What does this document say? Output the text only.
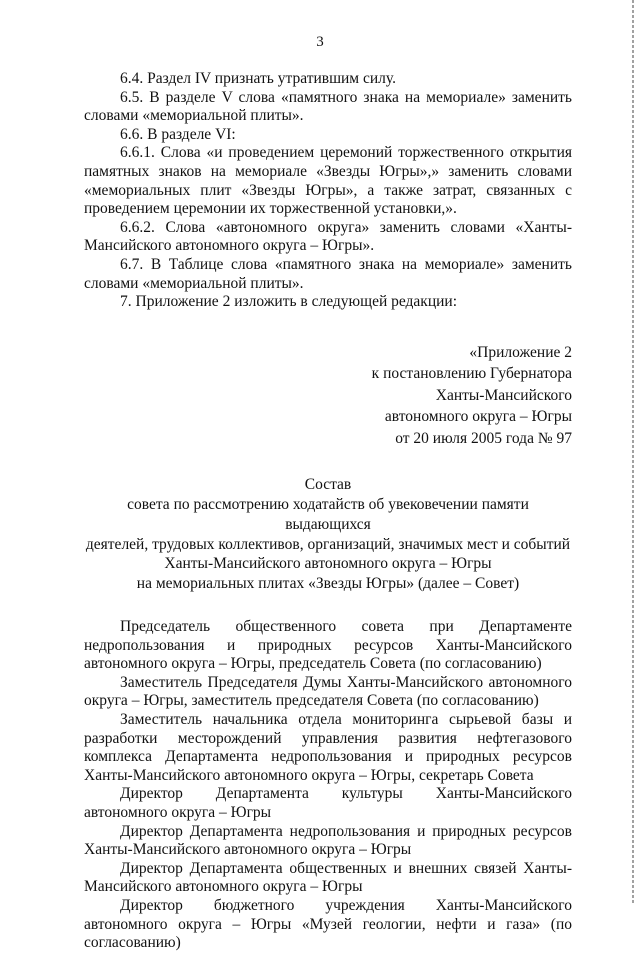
3

6.4. Раздел IV признать утратившим силу.

6.5. В разделе V слова «памятного знака на мемориале» заменить словами «мемориальной плиты».

6.6. В разделе VI:

6.6.1. Слова «и проведением церемоний торжественного открытия памятных знаков на мемориале «Звезды Югры»,» заменить словами «мемориальных плит «Звезды Югры», а также затрат, связанных с проведением церемонии их торжественной установки,».

6.6.2. Слова «автономного округа» заменить словами «Ханты-Мансийского автономного округа – Югры».

6.7. В Таблице слова «памятного знака на мемориале» заменить словами «мемориальной плиты».

7. Приложение 2 изложить в следующей редакции:

«Приложение 2
к постановлению Губернатора
Ханты-Мансийского
автономного округа – Югры
от 20 июля 2005 года № 97
Состав
совета по рассмотрению ходатайств об увековечении памяти выдающихся
деятелей, трудовых коллективов, организаций, значимых мест и событий
Ханты-Мансийского автономного округа – Югры
на мемориальных плитах «Звезды Югры» (далее – Совет)

Председатель общественного совета при Департаменте недропользования и природных ресурсов Ханты-Мансийского автономного округа – Югры, председатель Совета (по согласованию)

Заместитель Председателя Думы Ханты-Мансийского автономного округа – Югры, заместитель председателя Совета (по согласованию)

Заместитель начальника отдела мониторинга сырьевой базы и разработки месторождений управления развития нефтегазового комплекса Департамента недропользования и природных ресурсов Ханты-Мансийского автономного округа – Югры, секретарь Совета

Директор Департамента культуры Ханты-Мансийского автономного округа – Югры

Директор Департамента недропользования и природных ресурсов Ханты-Мансийского автономного округа – Югры

Директор Департамента общественных и внешних связей Ханты-Мансийского автономного округа – Югры

Директор бюджетного учреждения Ханты-Мансийского автономного округа – Югры «Музей геологии, нефти и газа» (по согласованию)
